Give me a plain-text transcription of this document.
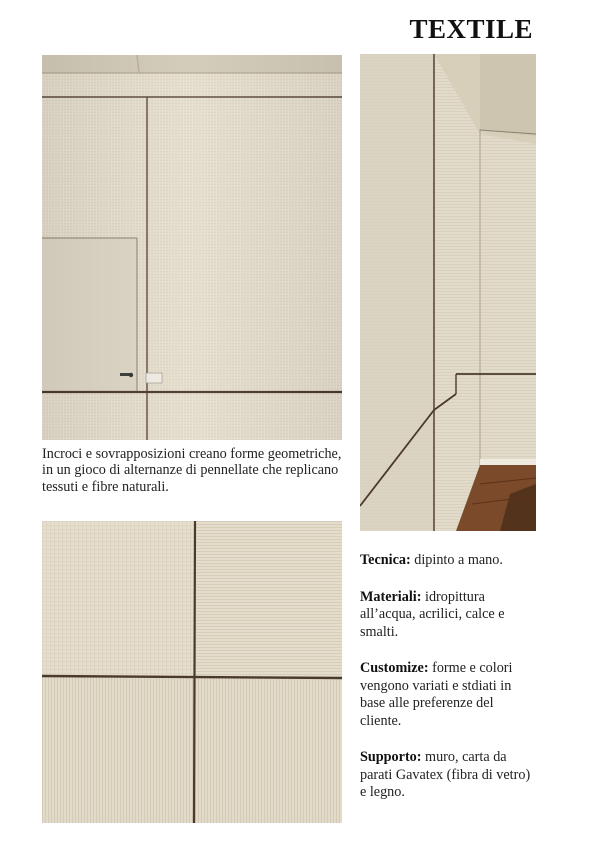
TEXTILE
Incroci e sovrapposizioni creano forme geometriche, in un gioco di alternanze di pennellate che replicano tessuti e fibre naturali.

Tecnica: dipinto a mano.

Materiali: idropittura all’acqua, acrilici, calce e smalti.

Customize: forme e colori vengono variati e stdiati in base alle preferenze del cliente.

Supporto: muro, carta da parati Gavatex (fibra di vetro) e legno.
